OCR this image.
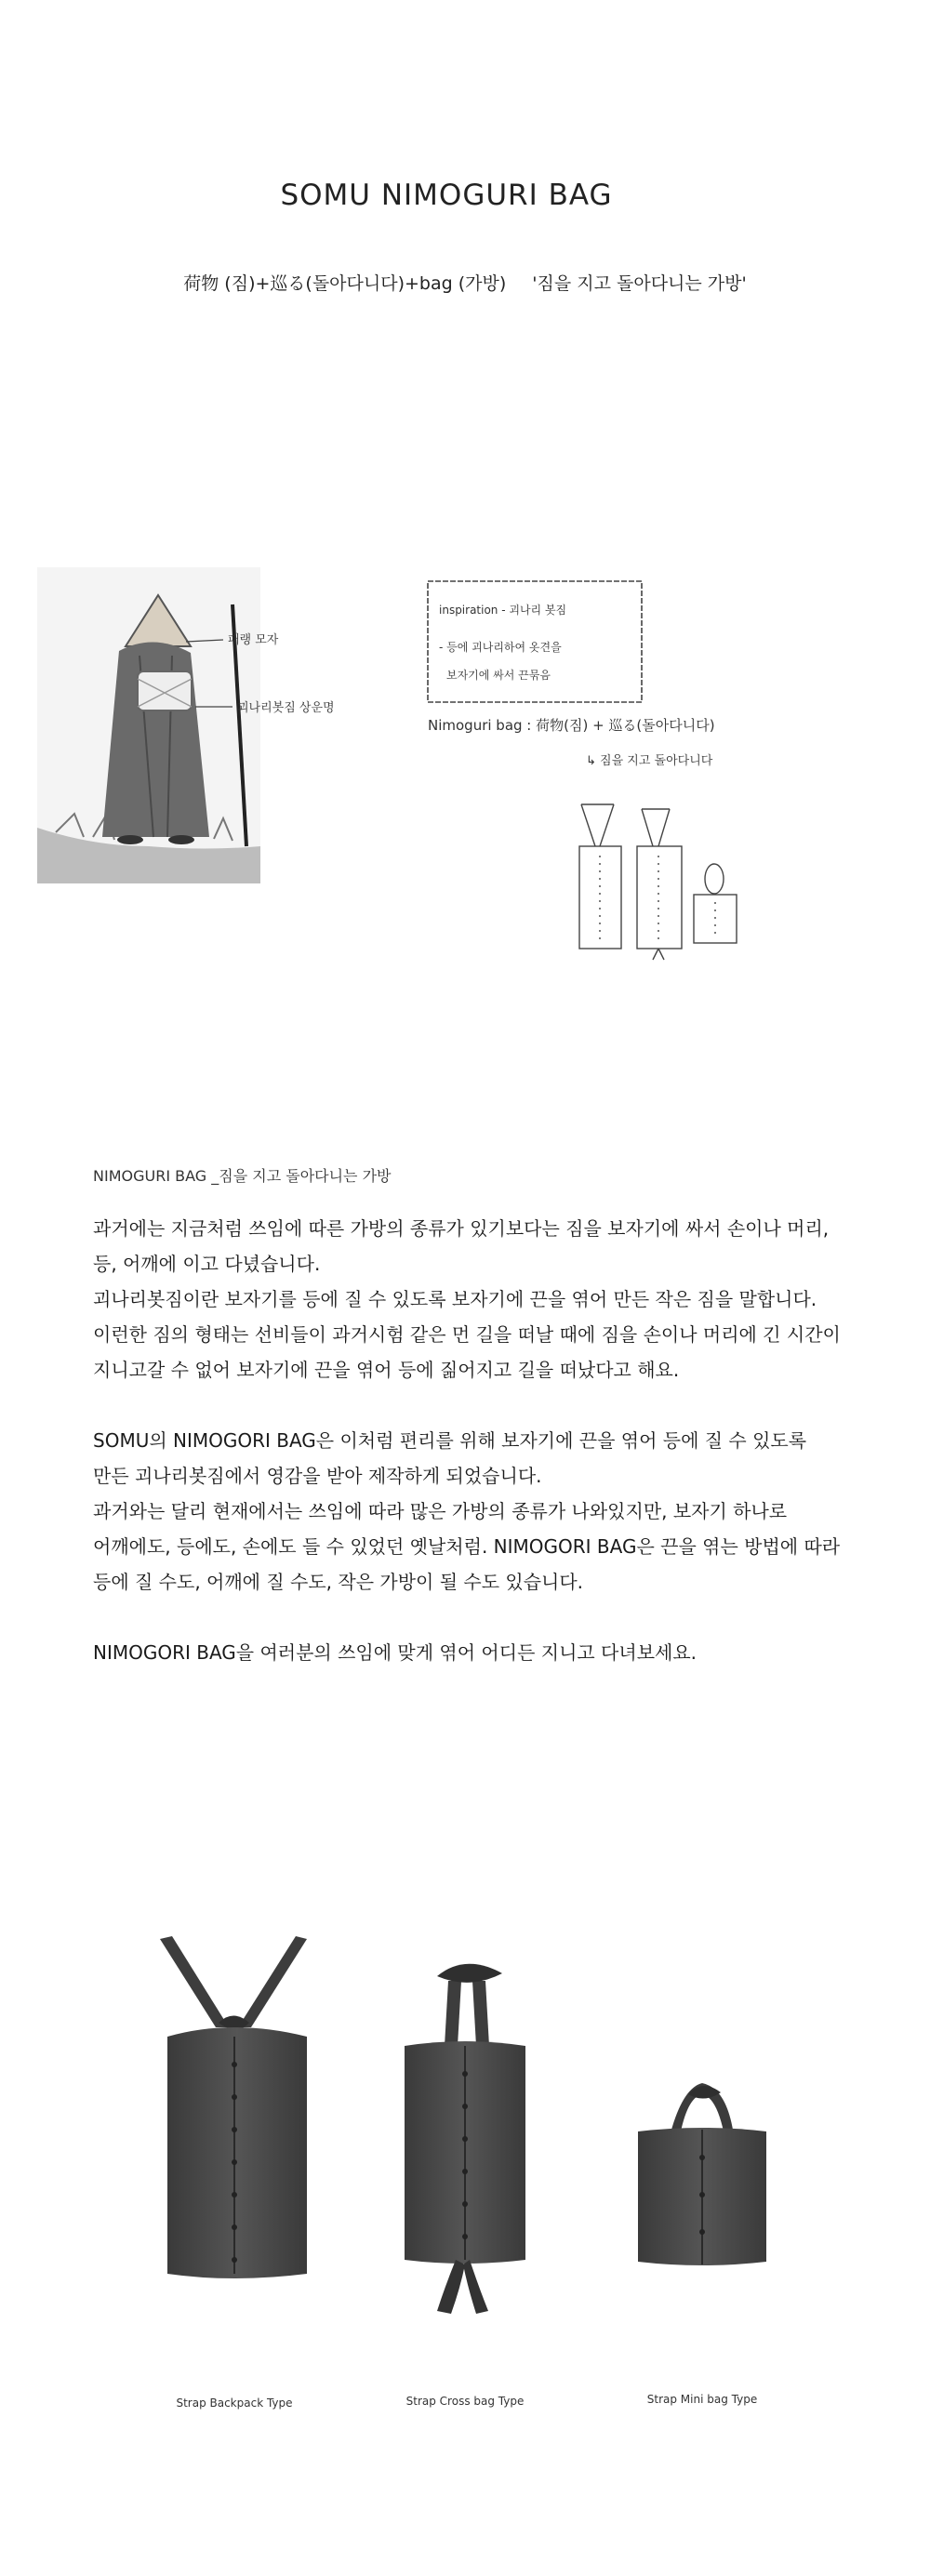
SOMU NIMOGURI BAG
荷物 (짐)+巡る(돌아다니다)+bag (가방) '짐을 지고 돌아다니는 가방'
패랭 모자
괴나리봇짐 상운명
inspiration - 괴나리 봇짐
- 등에 괴나리하여 옷견을
보자기에 싸서 끈묶음
Nimoguri bag : 荷物(짐) + 巡る(돌아다니다)
↳ 짐을 지고 돌아다니다
NIMOGURI BAG _짐을 지고 돌아다니는 가방

과거에는 지금처럼 쓰임에 따른 가방의 종류가 있기보다는 짐을 보자기에 싸서 손이나 머리,

등, 어깨에 이고 다녔습니다.

괴나리봇짐이란 보자기를 등에 질 수 있도록 보자기에 끈을 엮어 만든 작은 짐을 말합니다.

이런한 짐의 형태는 선비들이 과거시험 같은 먼 길을 떠날 때에 짐을 손이나 머리에 긴 시간이

지니고갈 수 없어 보자기에 끈을 엮어 등에 짊어지고 길을 떠났다고 해요.

SOMU의 NIMOGORI BAG은 이처럼 편리를 위해 보자기에 끈을 엮어 등에 질 수 있도록

만든 괴나리봇짐에서 영감을 받아 제작하게 되었습니다.

과거와는 달리 현재에서는 쓰임에 따라 많은 가방의 종류가 나와있지만, 보자기 하나로

어깨에도, 등에도, 손에도 들 수 있었던 옛날처럼. NIMOGORI BAG은 끈을 엮는 방법에 따라

등에 질 수도, 어깨에 질 수도, 작은 가방이 될 수도 있습니다.

NIMOGORI BAG을 여러분의 쓰임에 맞게 엮어 어디든 지니고 다녀보세요.

Strap Backpack Type	Strap Cross bag Type	Strap Mini bag Type
